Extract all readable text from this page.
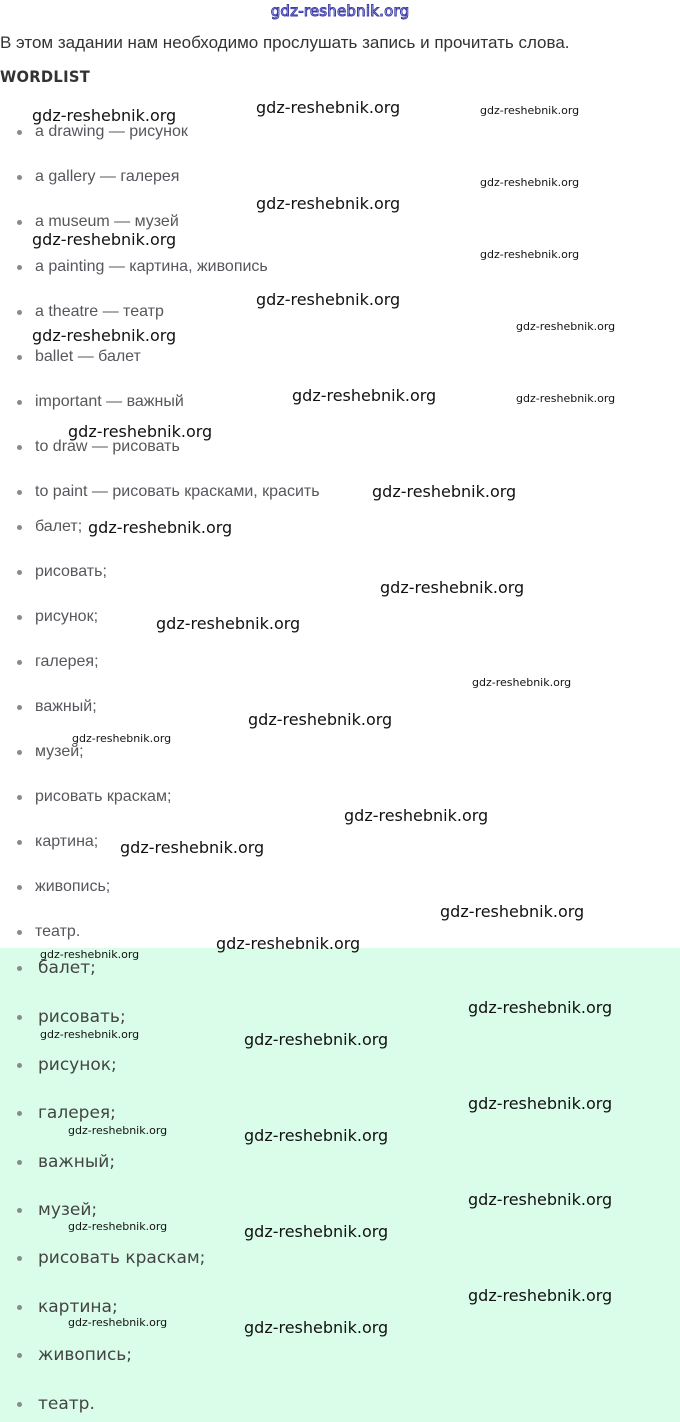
gdz-reshebnik.org
В этом задании нам необходимо прослушать запись и прочитать слова.
WORDLIST
a drawing — рисунок
a gallery — галерея
a museum — музей
a painting — картина, живопись
a theatre — театр
ballet — балет
important — важный
to draw — рисовать
to paint — рисовать красками, красить
балет;
рисовать;
рисунок;
галерея;
важный;
музей;
рисовать краскам;
картина;
живопись;
театр.
балет;
рисовать;
рисунок;
галерея;
важный;
музей;
рисовать краскам;
картина;
живопись;
театр.
gdz-reshebnik.org	gdz-reshebnik.org	gdz-reshebnik.org
gdz-reshebnik.org
gdz-reshebnik.org
gdz-reshebnik.org
gdz-reshebnik.org
gdz-reshebnik.org
gdz-reshebnik.org
gdz-reshebnik.org
gdz-reshebnik.org	gdz-reshebnik.org
gdz-reshebnik.org
gdz-reshebnik.org
gdz-reshebnik.org
gdz-reshebnik.org
gdz-reshebnik.org
gdz-reshebnik.org
gdz-reshebnik.org
gdz-reshebnik.org
gdz-reshebnik.org
gdz-reshebnik.org
gdz-reshebnik.org
gdz-reshebnik.org
gdz-reshebnik.org
gdz-reshebnik.org
gdz-reshebnik.org	gdz-reshebnik.org
gdz-reshebnik.org
gdz-reshebnik.org	gdz-reshebnik.org
gdz-reshebnik.org
gdz-reshebnik.org	gdz-reshebnik.org
gdz-reshebnik.org
gdz-reshebnik.org	gdz-reshebnik.org
